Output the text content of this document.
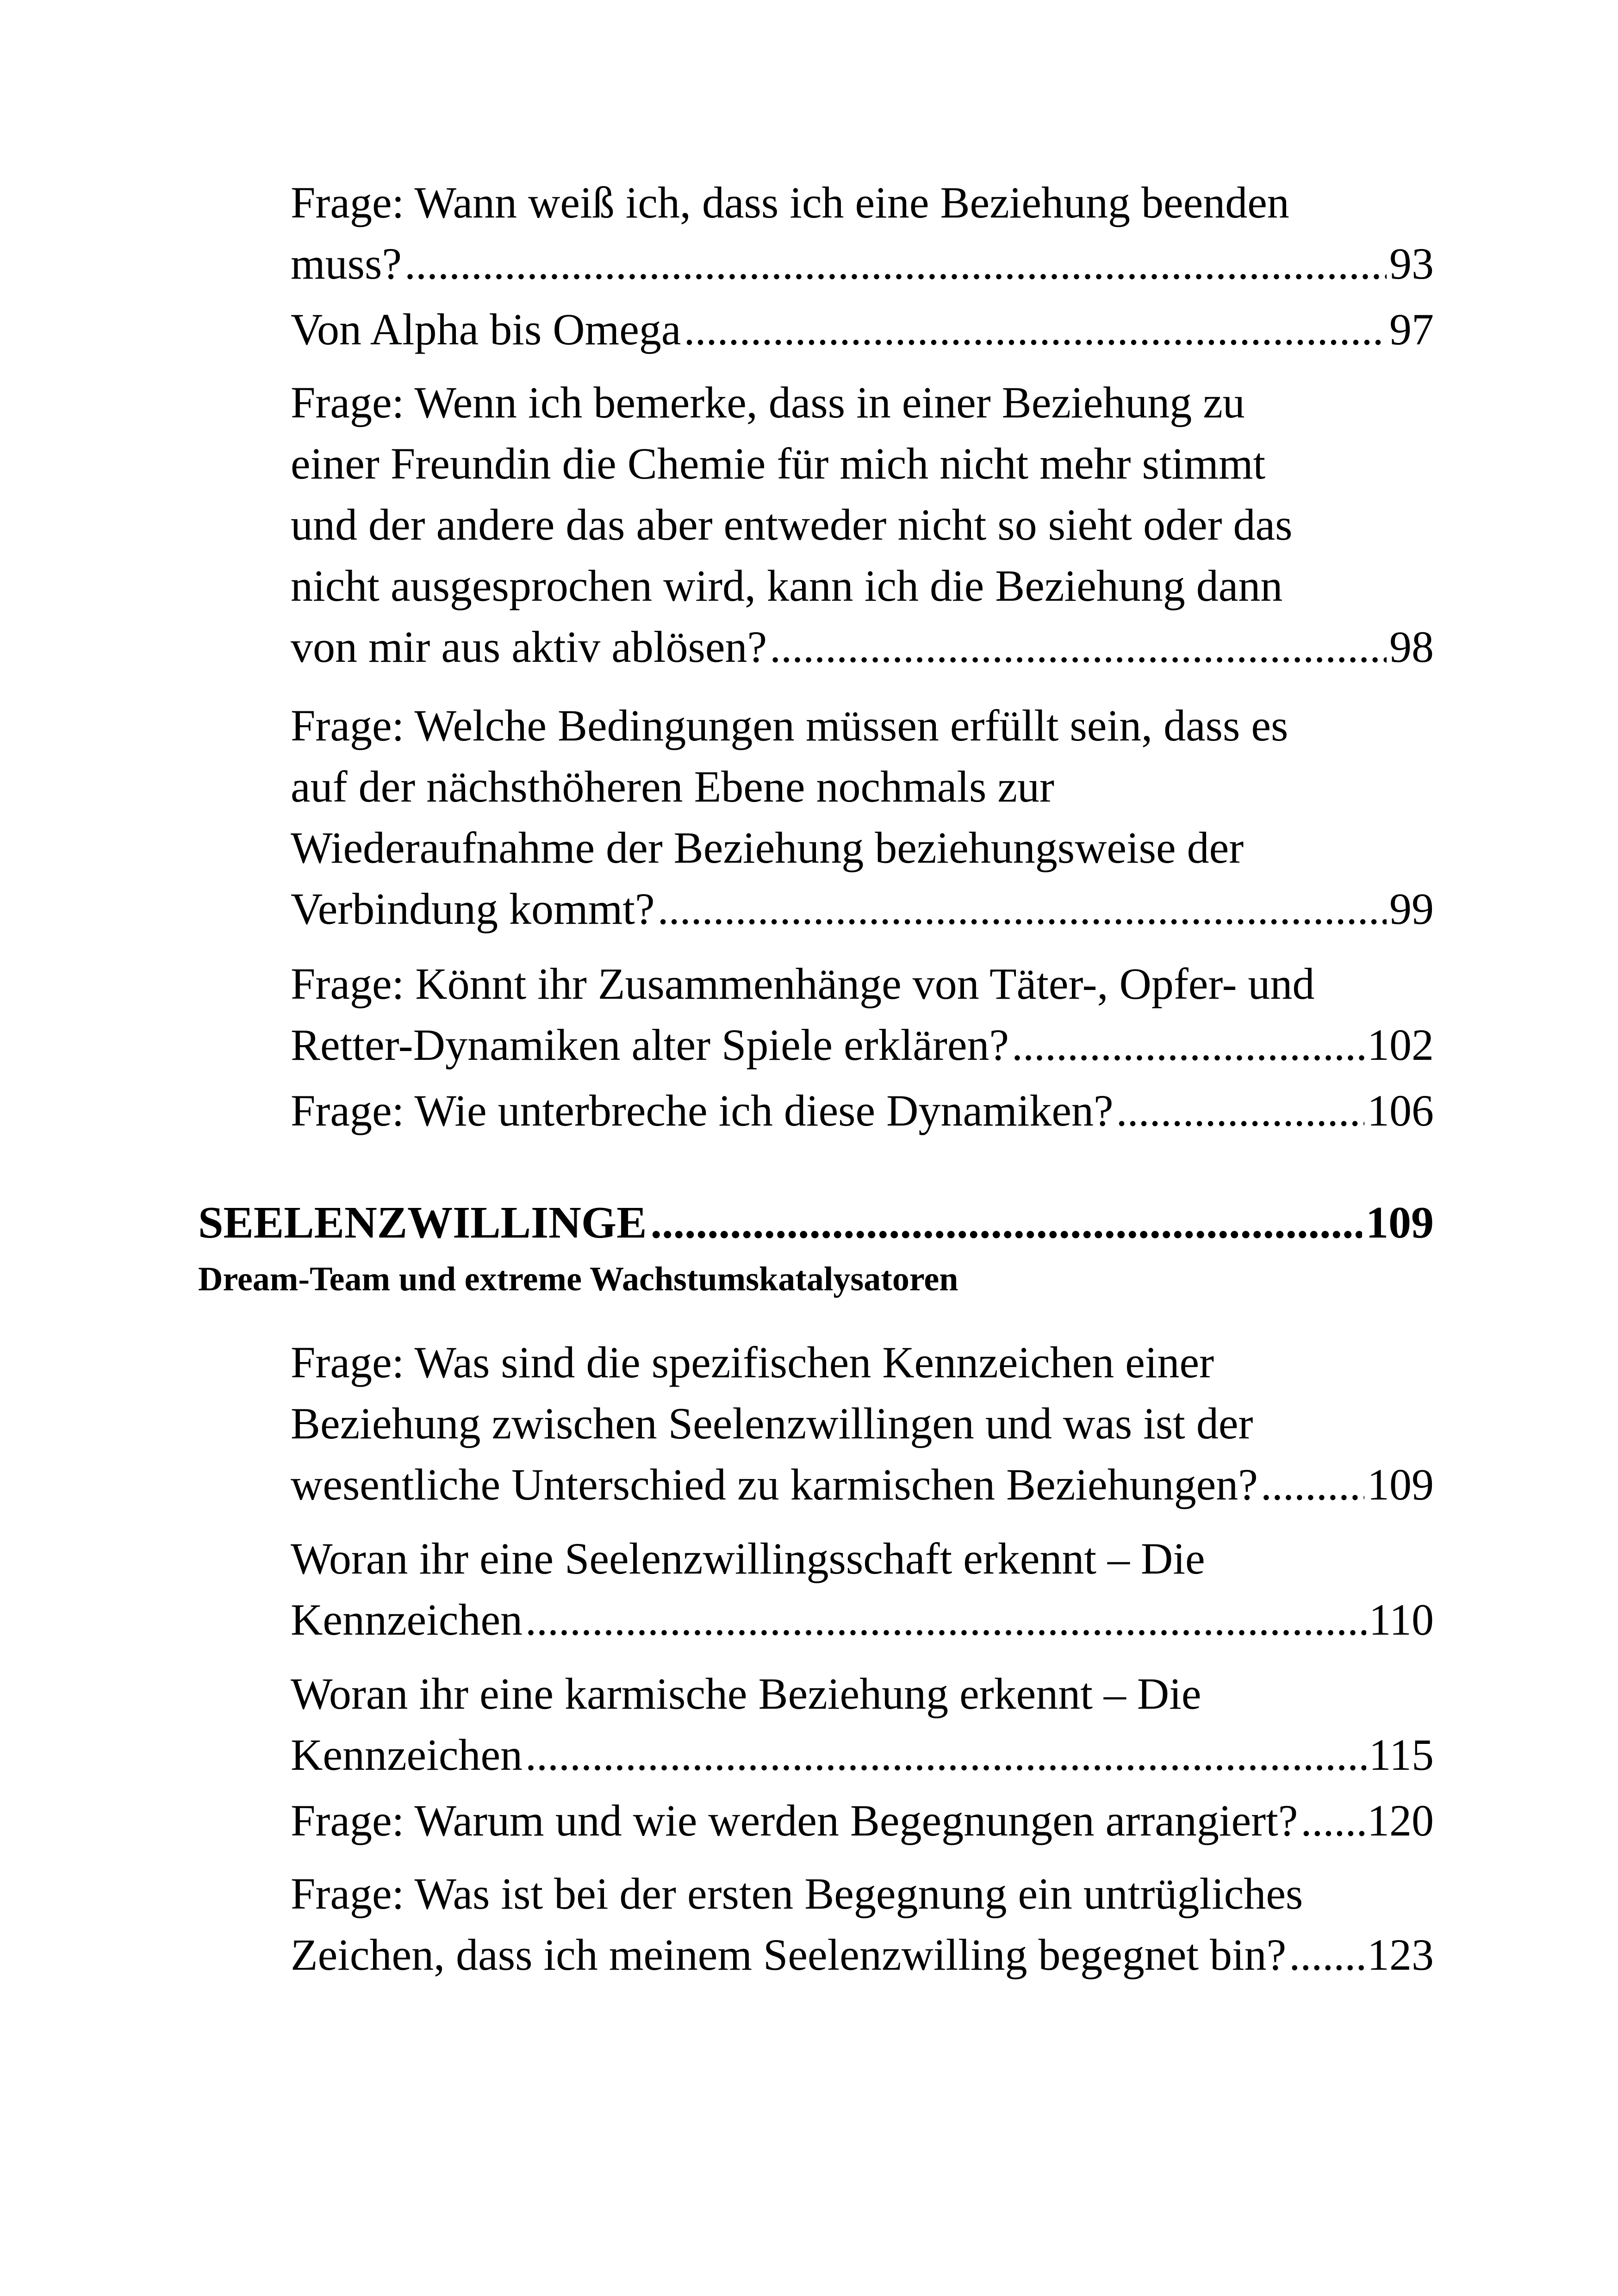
Frage: Wann weiß ich, dass ich eine Beziehung beenden
muss? .....	93
Von Alpha bis Omega .....	97
Frage: Wenn ich bemerke, dass in einer Beziehung zu
einer Freundin die Chemie für mich nicht mehr stimmt
und der andere das aber entweder nicht so sieht oder das
nicht ausgesprochen wird, kann ich die Beziehung dann
von mir aus aktiv ablösen? .....	98
Frage: Welche Bedingungen müssen erfüllt sein, dass es
auf der nächsthöheren Ebene nochmals zur
Wiederaufnahme der Beziehung beziehungsweise der
Verbindung kommt? .....	99
Frage: Könnt ihr Zusammenhänge von Täter-, Opfer- und
Retter-Dynamiken alter Spiele erklären? .....	102
Frage: Wie unterbreche ich diese Dynamiken? .....	106
SEELENZWILLINGE .....	109
Dream-Team und extreme Wachstumskatalysatoren
Frage: Was sind die spezifischen Kennzeichen einer
Beziehung zwischen Seelenzwillingen und was ist der
wesentliche Unterschied zu karmischen Beziehungen? ..... 109
Woran ihr eine Seelenzwillingsschaft erkennt – Die
Kennzeichen .....	110
Woran ihr eine karmische Beziehung erkennt – Die
Kennzeichen .....	115
Frage: Warum und wie werden Begegnungen arrangiert? ..... 120
Frage: Was ist bei der ersten Begegnung ein untrügliches
Zeichen, dass ich meinem Seelenzwilling begegnet bin? ..... 123
